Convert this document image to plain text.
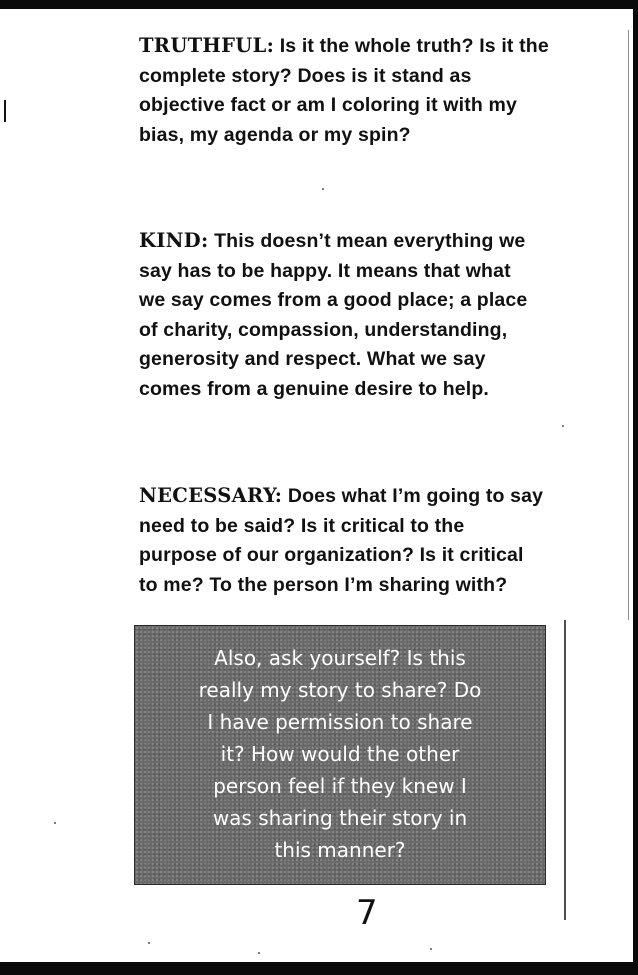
TRUTHFUL: Is it the whole truth? Is it the
complete story? Does is it stand as
objective fact or am I coloring it with my
bias, my agenda or my spin?

KIND: This doesn’t mean everything we
say has to be happy. It means that what
we say comes from a good place; a place
of charity, compassion, understanding,
generosity and respect. What we say
comes from a genuine desire to help.

NECESSARY: Does what I’m going to say
need to be said? Is it critical to the
purpose of our organization? Is it critical
to me? To the person I’m sharing with?

Also, ask yourself? Is this
really my story to share? Do
I have permission to share
it? How would the other
person feel if they knew I
was sharing their story in
this manner?
7
